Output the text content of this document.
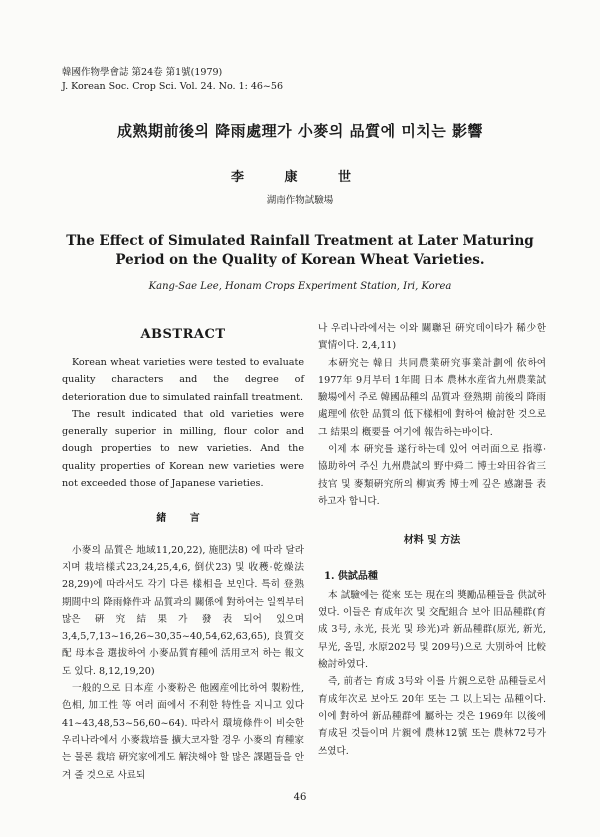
韓國作物學會誌 第24卷 第1號(1979)
J. Korean Soc. Crop Sci. Vol. 24. No. 1: 46~56
成熟期前後의 降雨處理가 小麥의 品質에 미치는 影響
李 康 世
湖南作物試驗場
The Effect of Simulated Rainfall Treatment at Later Maturing
Period on the Quality of Korean Wheat Varieties.
Kang-Sae Lee, Honam Crops Experiment Station, Iri, Korea
ABSTRACT

Korean wheat varieties were tested to evaluate quality characters and the degree of deterioration due to simulated rainfall treatment.

The result indicated that old varieties were generally superior in milling, flour color and dough properties to new varieties. And the quality properties of Korean new varieties were not exceeded those of Japanese varieties.

緒 言

小麥의 品質은 地域11,20,22), 施肥法8) 에 따라 달라지며 栽培樣式23,24,25,4,6, 倒伏23) 및 收穫·乾燥法28,29)에 따라서도 각기 다른 樣相을 보인다. 특히 登熟期間中의 降雨條件과 品質과의 關係에 對하여는 일찍부터 많은 硏究結果가 發表되어 있으며 3,4,5,7,13~16,26~30,35~40,54,62,63,65), 良質交配 母本을 選拔하여 小麥品質育種에 活用코저 하는 報文도 있다. 8,12,19,20)

一般的으로 日本産 小麥粉은 他國産에比하여 製粉性, 色相, 加工性 等 여러 面에서 不利한 特性을 지니고 있다41~43,48,53~56,60~64). 따라서 環境條件이 비슷한 우리나라에서 小麥栽培를 擴大코자할 경우 小麥의 育種家는 물론 栽培 硏究家에게도 解決해야 할 많은 課題들을 안겨 줄 것으로 사료되

나 우리나라에서는 이와 關聯된 硏究데이타가 稀少한 實情이다. 2,4,11)

本硏究는 韓日 共同農業硏究事業計劃에 依하여 1977年 9月부터 1年間 日本 農林水産省九州農業試驗場에서 주로 韓國品種의 品質과 登熟期 前後의 降雨處理에 依한 品質의 低下樣相에 對하여 檢討한 것으로 그 結果의 槪要를 여기에 報告하는바이다.

이제 本 硏究를 遂行하는데 있어 여러面으로 指導·協助하여 주신 九州農試의 野中舜二 博士와田谷省三 技官 및 麥類硏究所의 柳寅秀 博士께 깊은 感謝를 表하고자 합니다.

材料 및 方法
1. 供試品種

本 試驗에는 從來 또는 現在의 奬勵品種들을 供試하였다. 이들은 育成年次 및 交配組合 보아 旧品種群(育成 3号, 永光, 長光 및 珍光)과 新品種群(原光, 新光, 早光, 올밀, 水原202号 및 209号)으로 大別하여 比較 檢討하였다.

즉, 前者는 育成 3号와 이를 片親으로한 品種들로서 育成年次로 보아도 20年 또는 그 以上되는 品種이다. 이에 對하여 新品種群에 屬하는 것은 1969年 以後에 育成된 것들이며 片親에 農林12號 또는 農林72号가 쓰였다.

46
